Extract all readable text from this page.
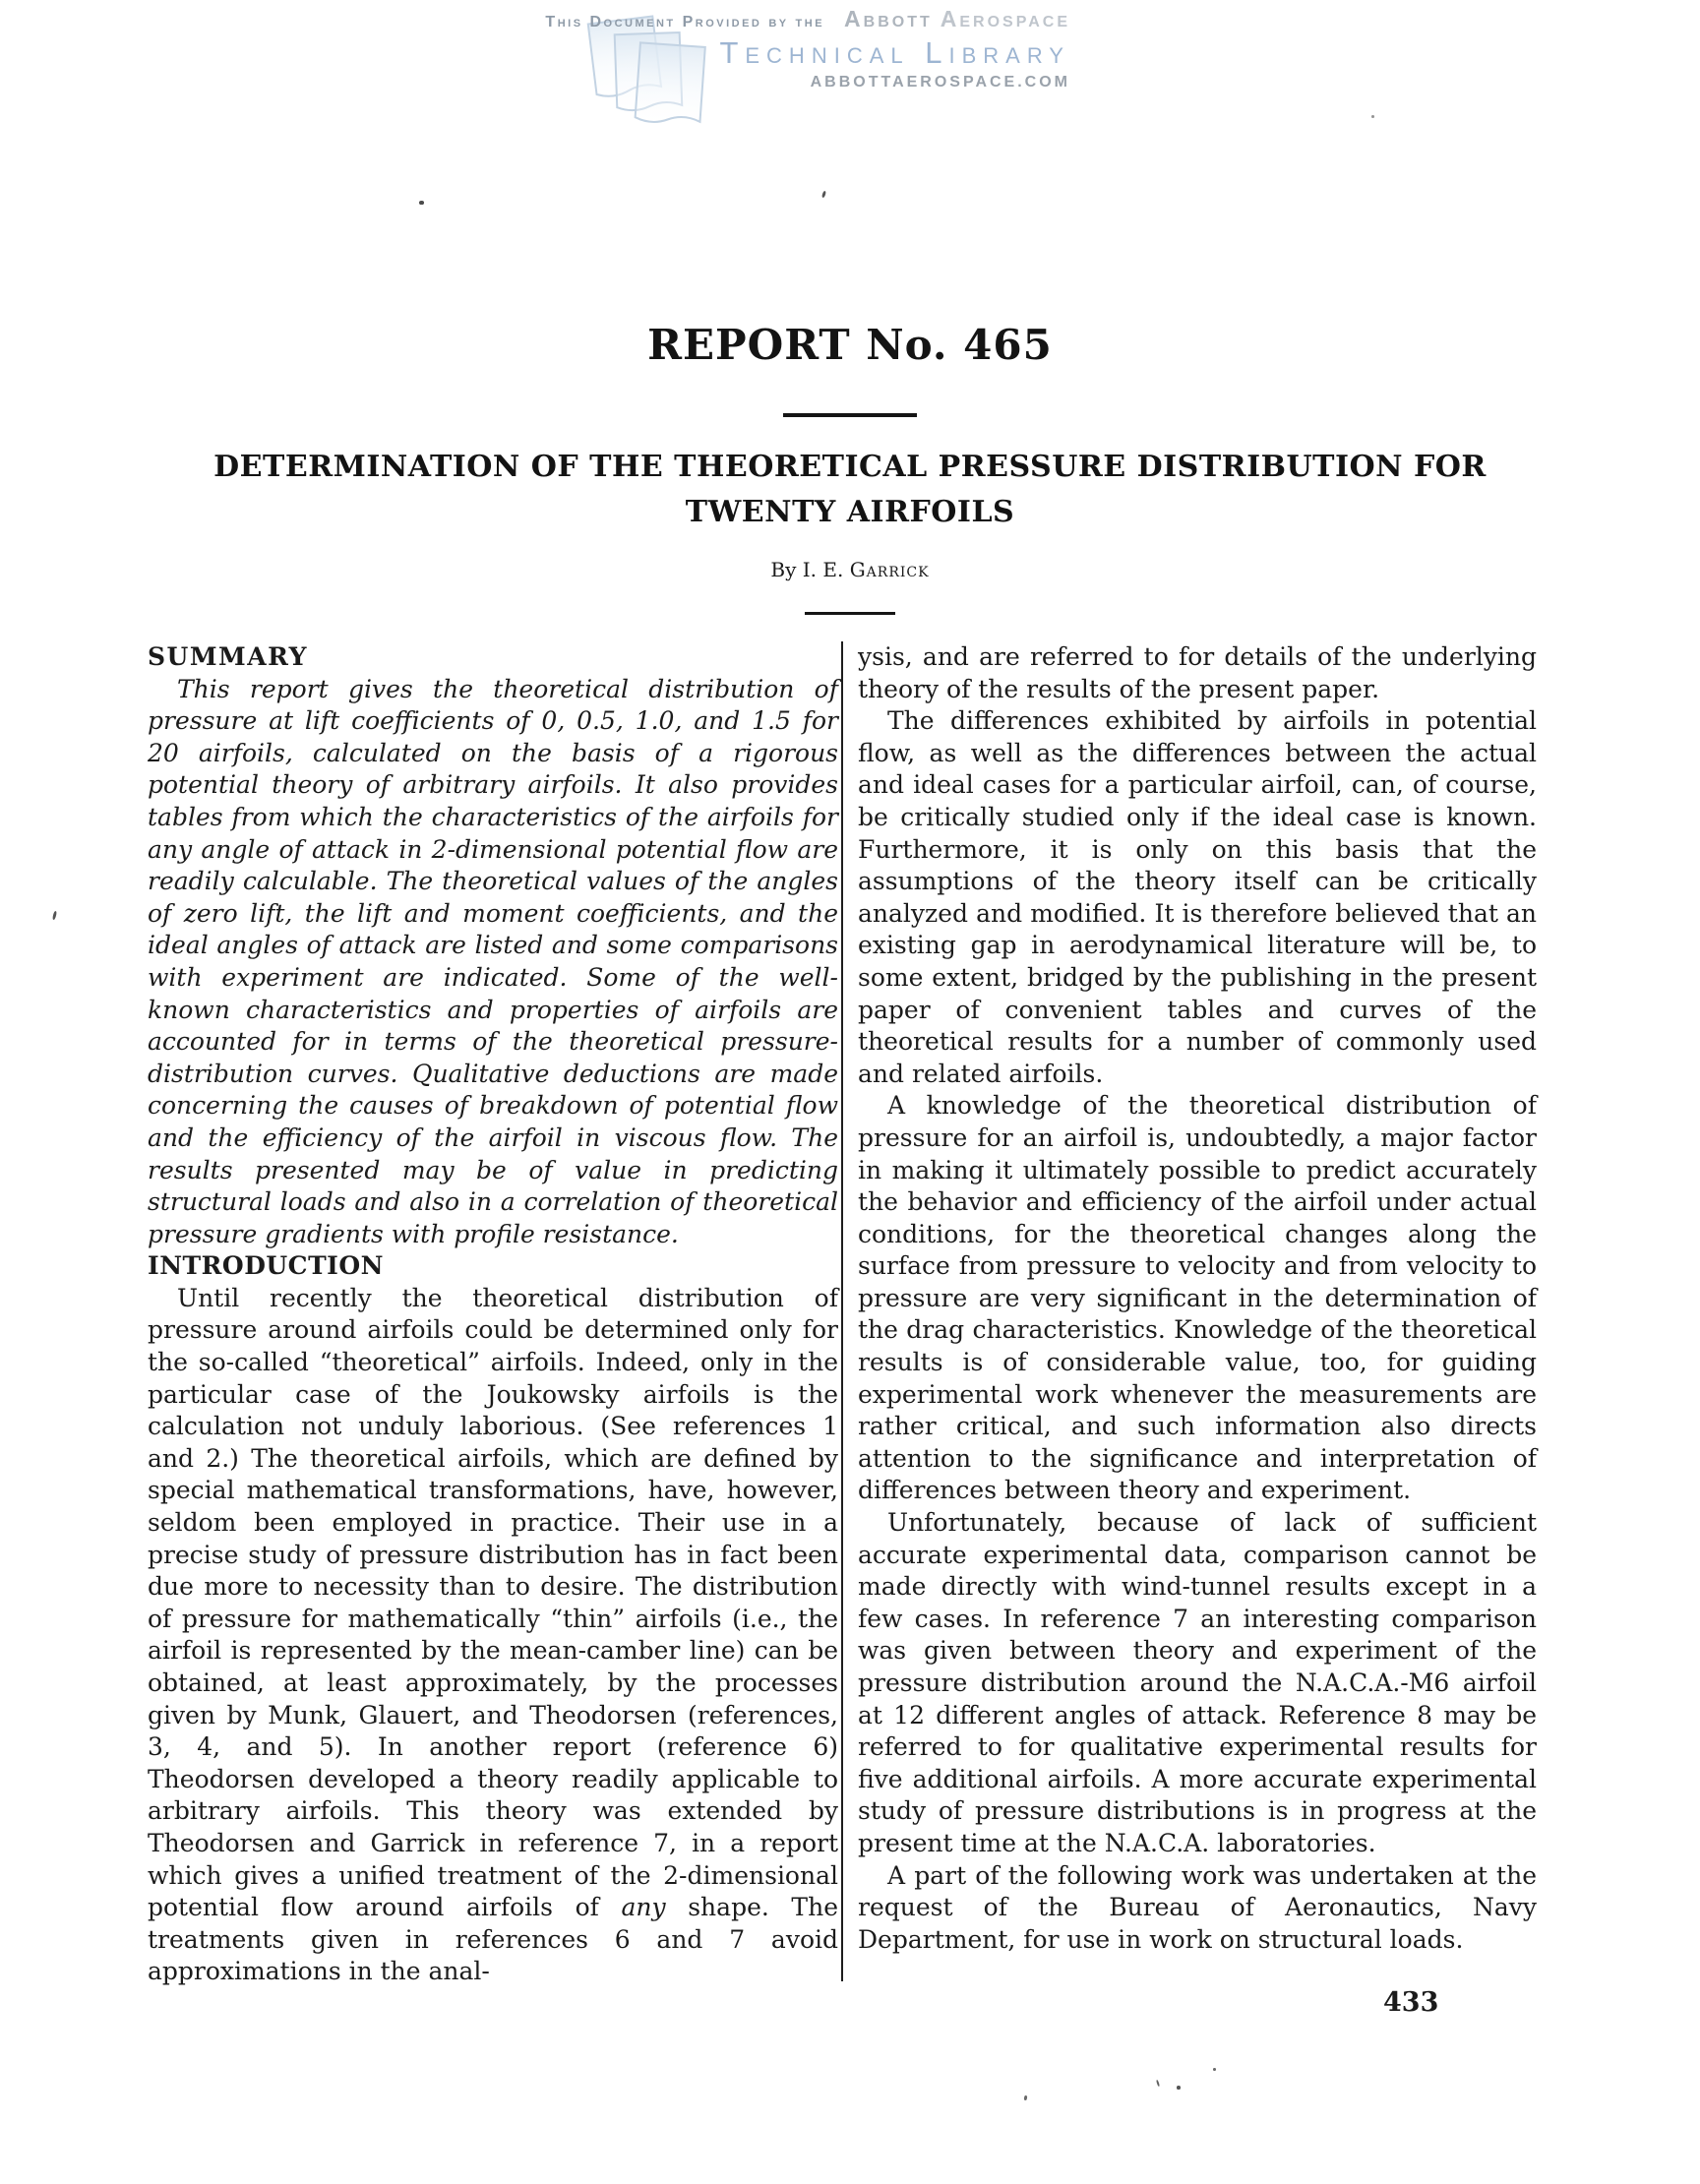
This Document Provided by the Abbott Aerospace
Technical Library
ABBOTTAEROSPACE.COM
REPORT No. 465
DETERMINATION OF THE THEORETICAL PRESSURE DISTRIBUTION FOR
TWENTY AIRFOILS
By I. E. Garrick

SUMMARY

This report gives the theoretical distribution of pressure at lift coefficients of 0, 0.5, 1.0, and 1.5 for 20 airfoils, calculated on the basis of a rigorous potential theory of arbitrary airfoils. It also provides tables from which the characteristics of the airfoils for any angle of attack in 2-dimensional potential flow are readily calculable. The theoretical values of the angles of zero lift, the lift and moment coefficients, and the ideal angles of attack are listed and some comparisons with experiment are indicated. Some of the well-known characteristics and properties of airfoils are accounted for in terms of the theoretical pressure-distribution curves. Qualitative deductions are made concerning the causes of breakdown of potential flow and the efficiency of the airfoil in viscous flow. The results presented may be of value in predicting structural loads and also in a correlation of theoretical pressure gradients with profile resistance.

INTRODUCTION

Until recently the theoretical distribution of pressure around airfoils could be determined only for the so-called “theoretical” airfoils. Indeed, only in the particular case of the Joukowsky airfoils is the calculation not unduly laborious. (See references 1 and 2.) The theoretical airfoils, which are defined by special mathematical transformations, have, however, seldom been employed in practice. Their use in a precise study of pressure distribution has in fact been due more to necessity than to desire. The distribution of pressure for mathematically “thin” airfoils (i.e., the airfoil is represented by the mean-camber line) can be obtained, at least approximately, by the processes given by Munk, Glauert, and Theodorsen (references, 3, 4, and 5). In another report (reference 6) Theodorsen developed a theory readily applicable to arbitrary airfoils. This theory was extended by Theodorsen and Garrick in reference 7, in a report which gives a unified treatment of the 2-dimensional potential flow around airfoils of any shape. The treatments given in references 6 and 7 avoid approximations in the anal-

ysis, and are referred to for details of the underlying theory of the results of the present paper.

The differences exhibited by airfoils in potential flow, as well as the differences between the actual and ideal cases for a particular airfoil, can, of course, be critically studied only if the ideal case is known. Furthermore, it is only on this basis that the assumptions of the theory itself can be critically analyzed and modified. It is therefore believed that an existing gap in aerodynamical literature will be, to some extent, bridged by the publishing in the present paper of convenient tables and curves of the theoretical results for a number of commonly used and related airfoils.

A knowledge of the theoretical distribution of pressure for an airfoil is, undoubtedly, a major factor in making it ultimately possible to predict accurately the behavior and efficiency of the airfoil under actual conditions, for the theoretical changes along the surface from pressure to velocity and from velocity to pressure are very significant in the determination of the drag characteristics. Knowledge of the theoretical results is of considerable value, too, for guiding experimental work whenever the measurements are rather critical, and such information also directs attention to the significance and interpretation of differences between theory and experiment.

Unfortunately, because of lack of sufficient accurate experimental data, comparison cannot be made directly with wind-tunnel results except in a few cases. In reference 7 an interesting comparison was given between theory and experiment of the pressure distribution around the N.A.C.A.-M6 airfoil at 12 different angles of attack. Reference 8 may be referred to for qualitative experimental results for five additional airfoils. A more accurate experimental study of pressure distributions is in progress at the present time at the N.A.C.A. laboratories.

A part of the following work was undertaken at the request of the Bureau of Aeronautics, Navy Department, for use in work on structural loads.

433
